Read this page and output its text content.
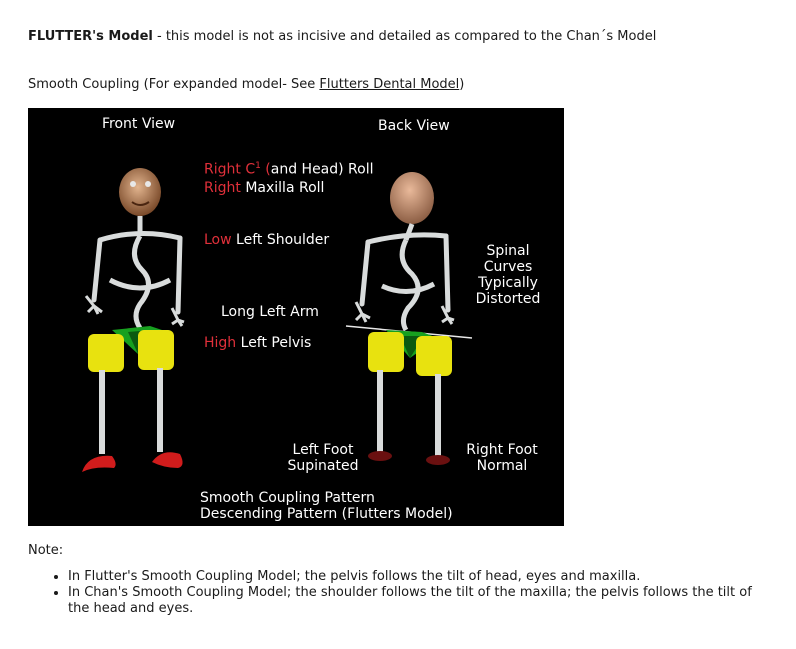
FLUTTER's Model - this model is not as incisive and detailed as compared to the Chan´s Model
Smooth Coupling (For expanded model- See Flutters Dental Model)
Front View	Back View
Right $C^1$ (and Head) Roll
Right Maxilla Roll
Low Left Shoulder
Long Left Arm
High Left Pelvis
Spinal
Curves
Typically
Distorted
Left Foot
Supinated
Right Foot
Normal
Smooth Coupling Pattern
Descending Pattern (Flutters Model)
Note:
• In Flutter's Smooth Coupling Model; the pelvis follows the tilt of head, eyes and maxilla.
• In Chan's Smooth Coupling Model; the shoulder follows the tilt of the maxilla; the pelvis follows the tilt of the head and eyes.
